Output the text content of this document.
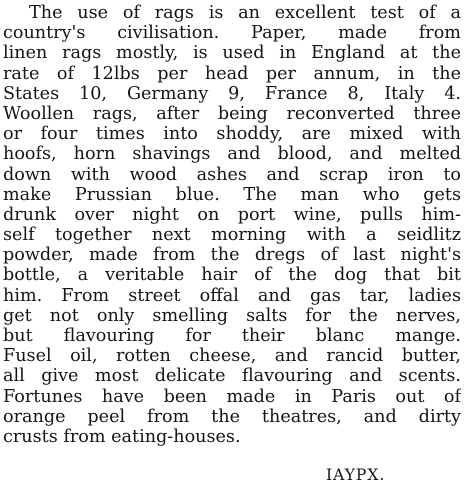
The use of rags is an excellent test of a
country's civilisation. Paper, made from
linen rags mostly, is used in England at the
rate of 12lbs per head per annum, in the
States 10, Germany 9, France 8, Italy 4.
Woollen rags, after being reconverted three
or four times into shoddy, are mixed with
hoofs, horn shavings and blood, and melted
down with wood ashes and scrap iron to
make Prussian blue. The man who gets
drunk over night on port wine, pulls him-
self together next morning with a seidlitz
powder, made from the dregs of last night's
bottle, a veritable hair of the dog that bit
him. From street offal and gas tar, ladies
get not only smelling salts for the nerves,
but flavouring for their blanc mange.
Fusel oil, rotten cheese, and rancid butter,
all give most delicate flavouring and scents.
Fortunes have been made in Paris out of
orange peel from the theatres, and dirty
crusts from eating-houses.
IAYPX.
